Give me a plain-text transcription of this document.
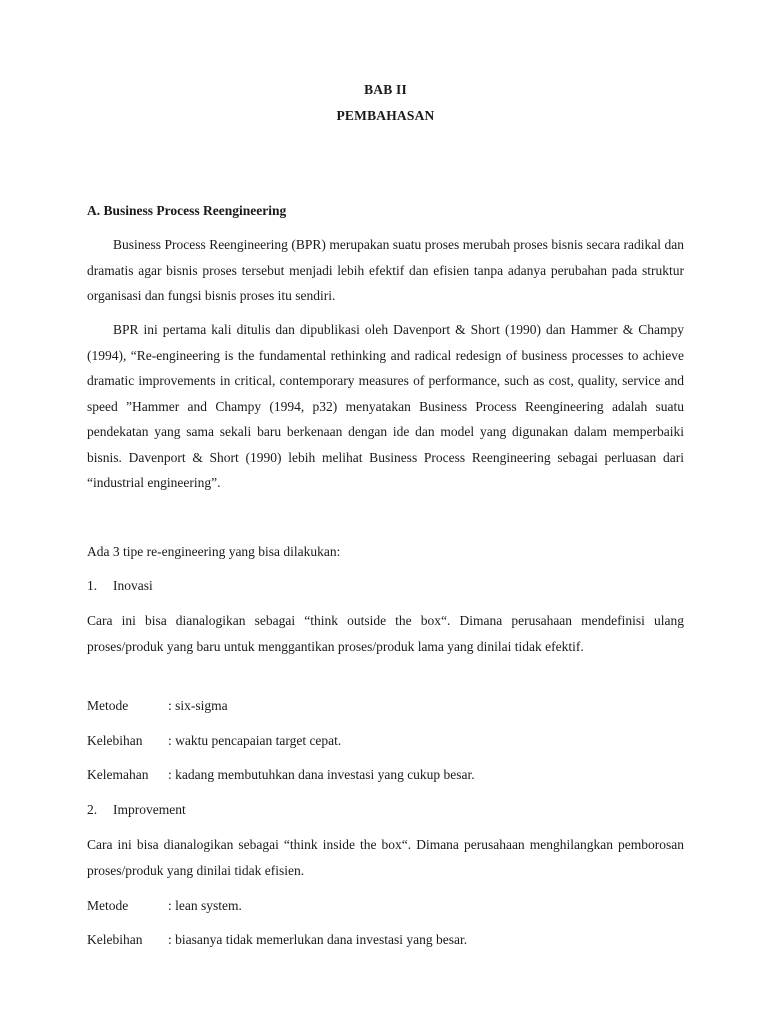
BAB II
PEMBAHASAN
A. Business Process Reengineering
Business Process Reengineering (BPR) merupakan suatu proses merubah proses bisnis secara radikal dan dramatis agar bisnis proses tersebut menjadi lebih efektif dan efisien tanpa adanya perubahan pada struktur organisasi dan fungsi bisnis proses itu sendiri.
BPR ini pertama kali ditulis dan dipublikasi oleh Davenport & Short (1990) dan Hammer & Champy (1994), “Re-engineering is the fundamental rethinking and radical redesign of business processes to achieve dramatic improvements in critical, contemporary measures of performance, such as cost, quality, service and speed ”Hammer and Champy (1994, p32) menyatakan Business Process Reengineering adalah suatu pendekatan yang sama sekali baru berkenaan dengan ide dan model yang digunakan dalam memperbaiki bisnis. Davenport & Short (1990) lebih melihat Business Process Reengineering sebagai perluasan dari “industrial engineering”.
Ada 3 tipe re-engineering yang bisa dilakukan:
1. Inovasi
Cara ini bisa dianalogikan sebagai “think outside the box“. Dimana perusahaan mendefinisi ulang proses/produk yang baru untuk menggantikan proses/produk lama yang dinilai tidak efektif.
Metode	: six-sigma
Kelebihan : waktu pencapaian target cepat.
Kelemahan : kadang membutuhkan dana investasi yang cukup besar.
2. Improvement
Cara ini bisa dianalogikan sebagai “think inside the box“. Dimana perusahaan menghilangkan pemborosan proses/produk yang dinilai tidak efisien.
Metode	: lean system.
Kelebihan : biasanya tidak memerlukan dana investasi yang besar.
